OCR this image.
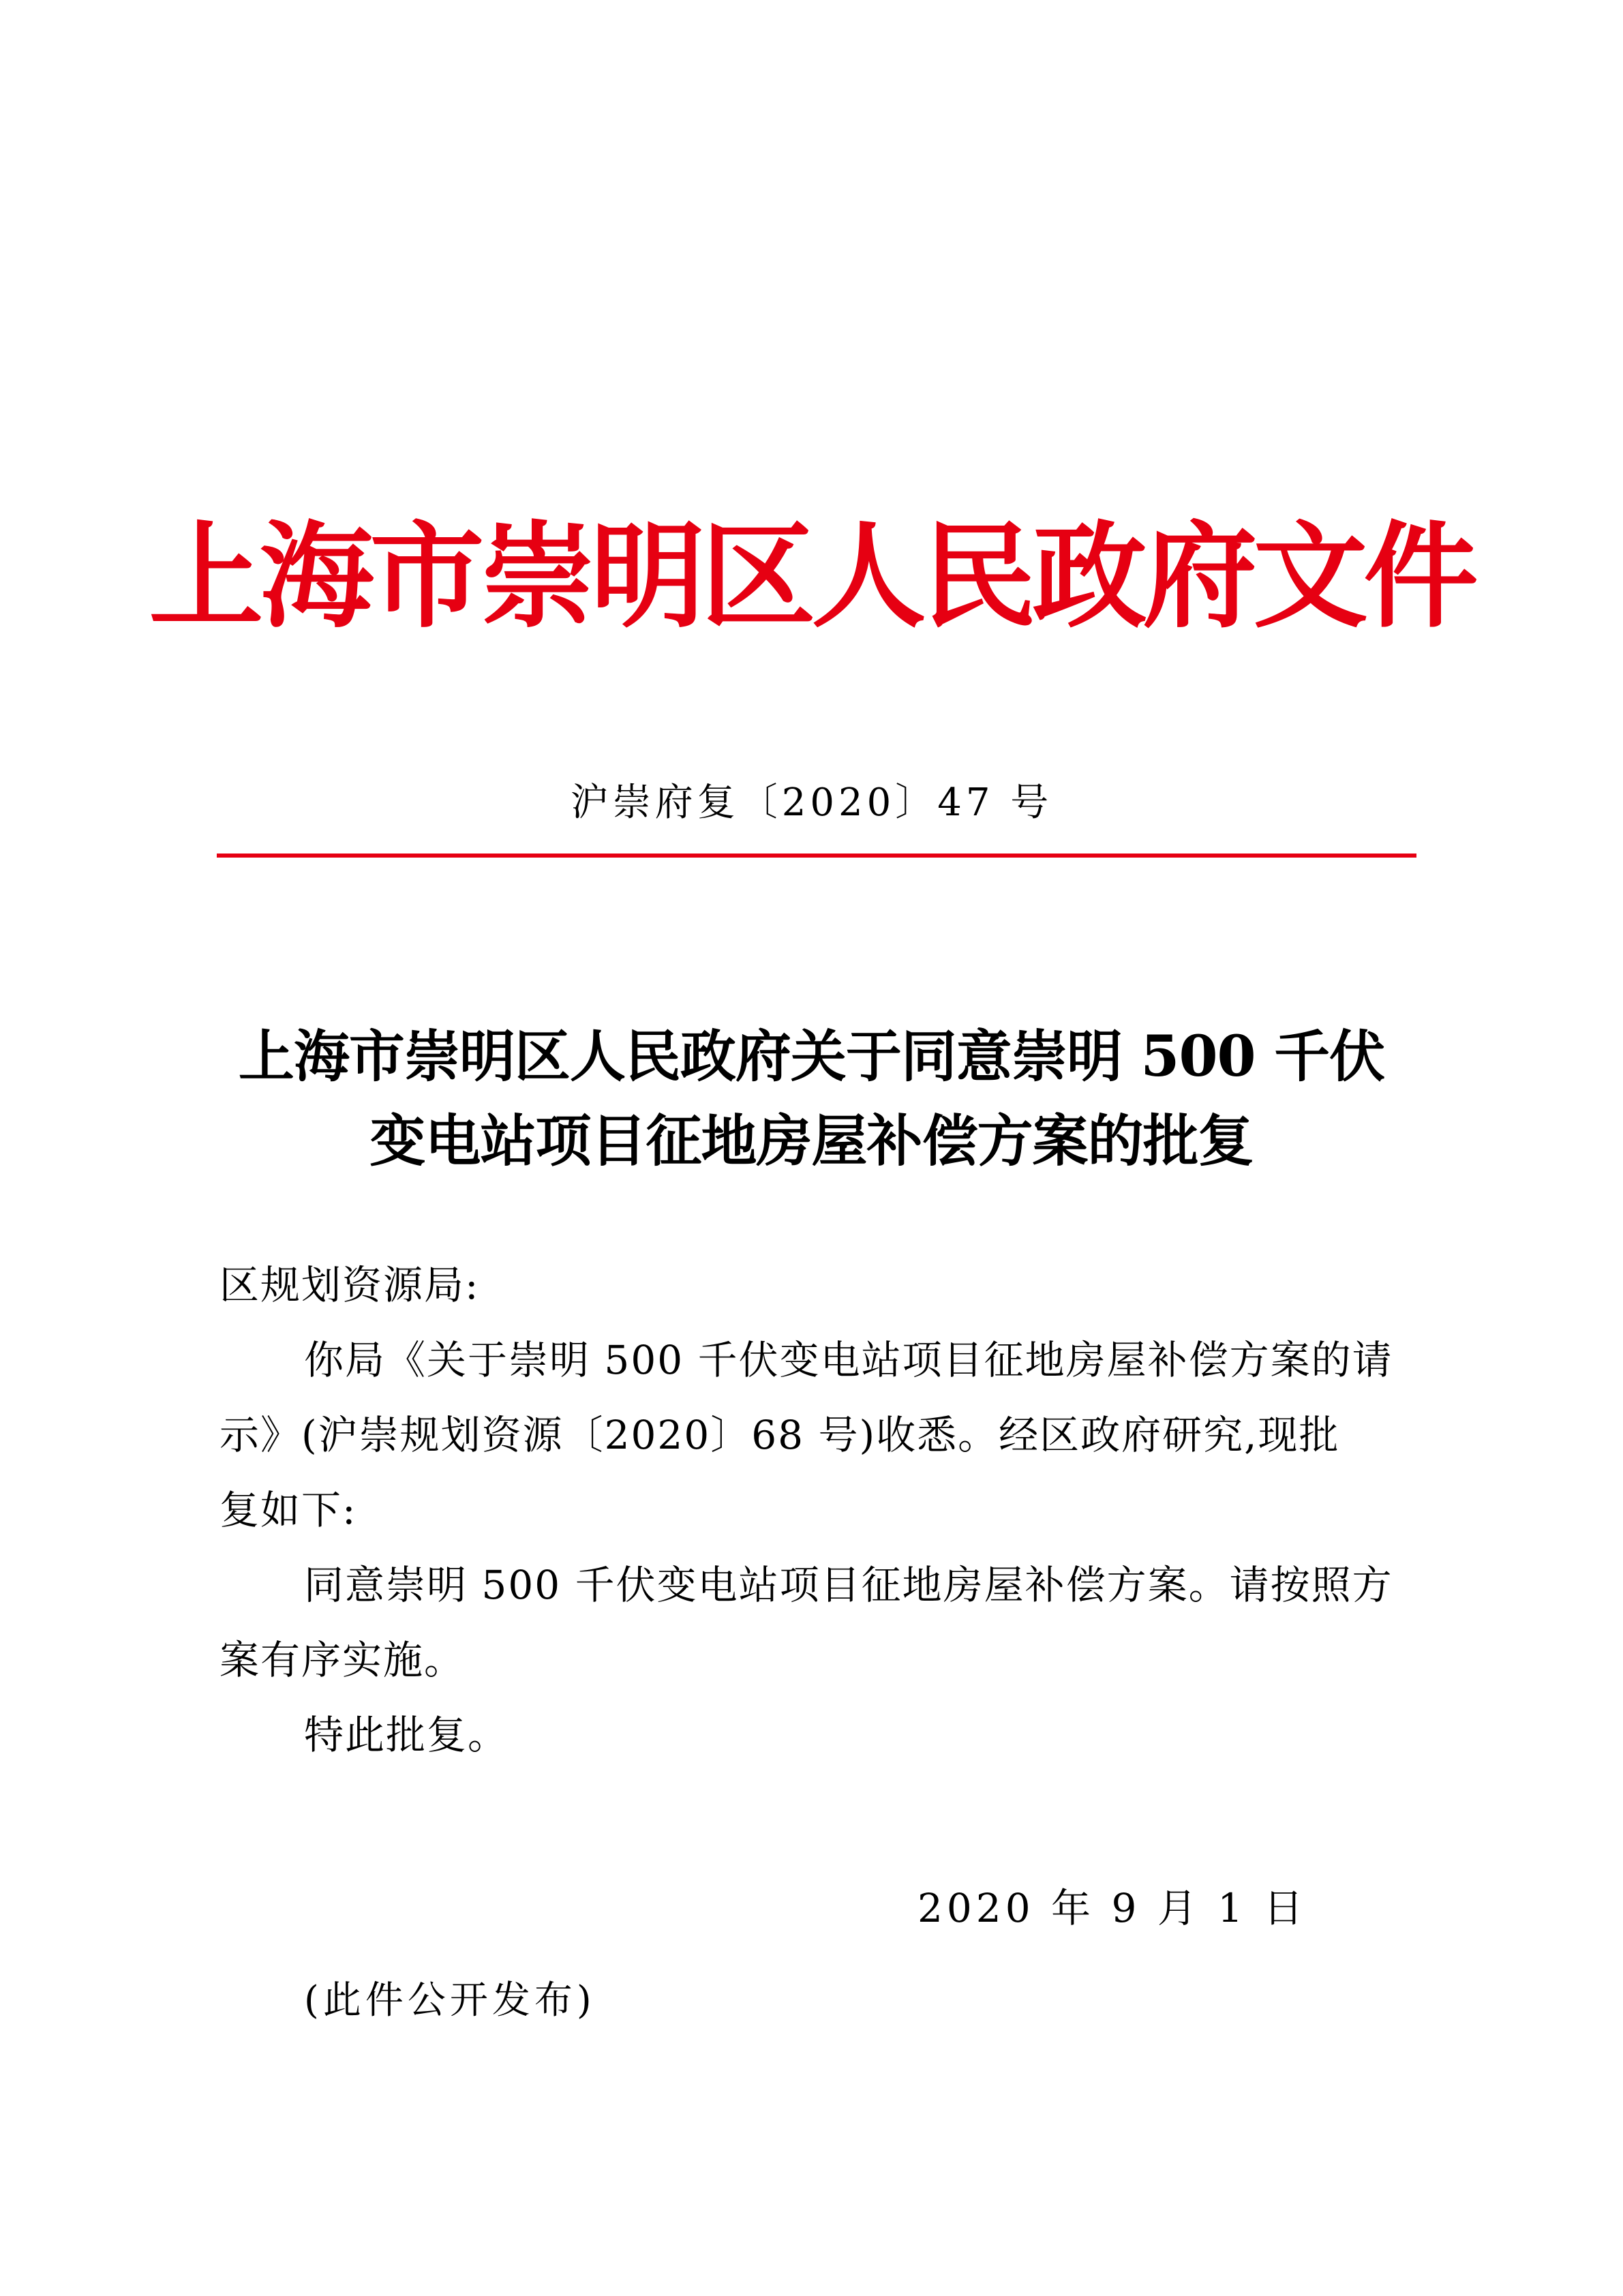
上海市崇明区人民政府文件
沪崇府复〔2020〕47 号
上海市崇明区人民政府关于同意崇明 500 千伏
变电站项目征地房屋补偿方案的批复
区规划资源局:
你局《关于崇明 500 千伏变电站项目征地房屋补偿方案的请
示》(沪崇规划资源〔2020〕68 号)收悉。经区政府研究,现批
复如下:
同意崇明 500 千伏变电站项目征地房屋补偿方案。请按照方
案有序实施。
特此批复。
2020 年 9 月 1 日
(此件公开发布)
